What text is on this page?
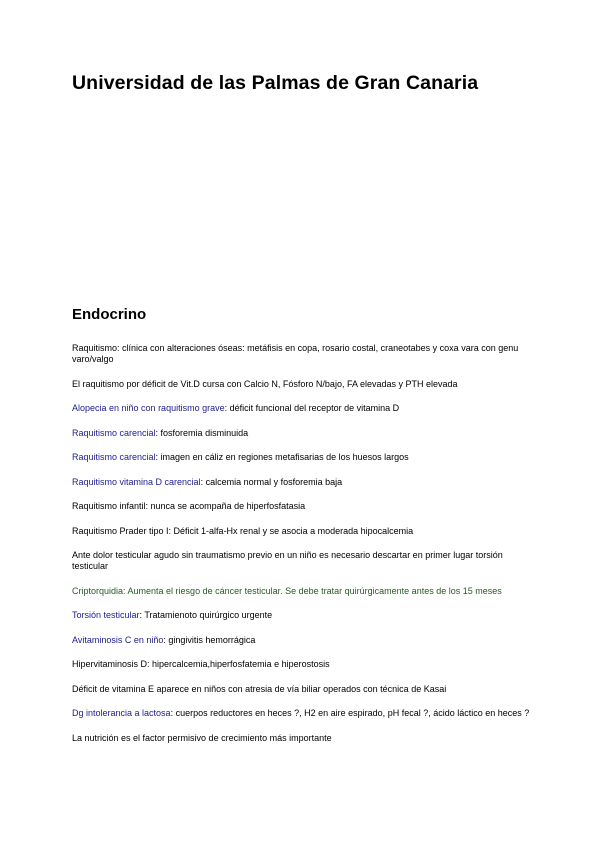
Universidad de las Palmas de Gran Canaria
Endocrino
Raquitismo: clínica con alteraciones óseas: metáfisis en copa, rosario costal, craneotabes y coxa vara con genu varo/valgo
El raquitismo por déficit de Vit.D cursa con Calcio N, Fósforo N/bajo, FA elevadas y PTH elevada
Alopecia en niño con raquitismo grave: déficit funcional del receptor de vitamina D
Raquitismo carencial: fosforemia disminuida
Raquitismo carencial: imagen en cáliz en regiones metafisarias de los huesos largos
Raquitismo vitamina D carencial: calcemia normal y fosforemia baja
Raquitismo infantil: nunca se acompaña de hiperfosfatasia
Raquitismo Prader tipo I: Déficit 1-alfa-Hx renal y se asocia a moderada hipocalcemia
Ante dolor testicular agudo sin traumatismo previo en un niño es necesario descartar en primer lugar torsión testicular
Criptorquidia: Aumenta el riesgo de cáncer testicular. Se debe tratar quirúrgicamente antes de los 15 meses
Torsión testicular: Tratamienoto quirúrgico urgente
Avitaminosis C en niño: gingivitis hemorrágica
Hipervitaminosis D: hipercalcemia,hiperfosfatemia e hiperostosis
Déficit de vitamina E aparece en niños con atresia de vía biliar operados con técnica de Kasai
Dg intolerancia a lactosa: cuerpos reductores en heces ?, H2 en aire espirado, pH fecal ?, ácido láctico en heces ?
La nutrición es el factor permisivo de crecimiento más importante
